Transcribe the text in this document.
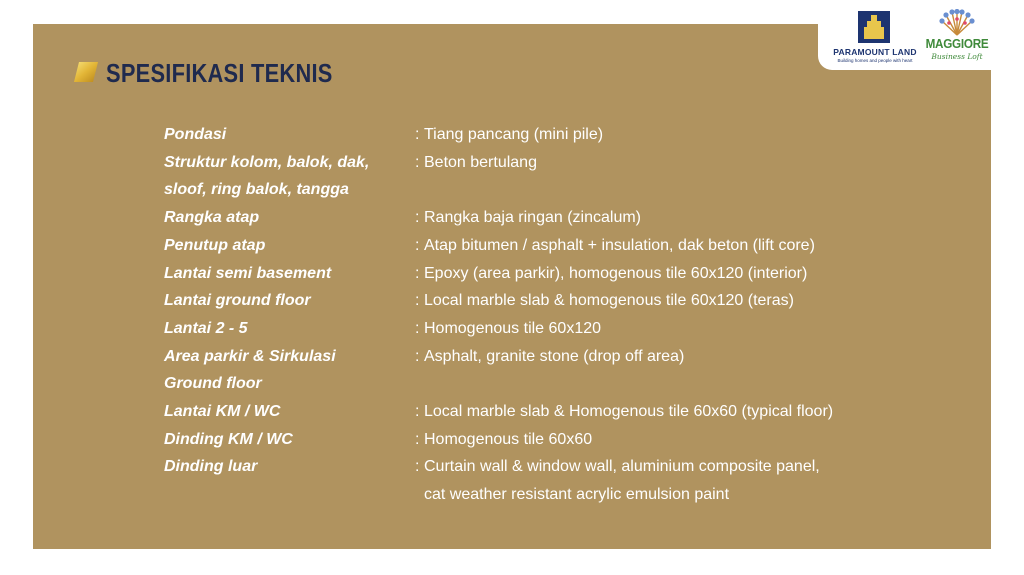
PARAMOUNT LAND
Building homes and people with heart
MAGGIORE
Business Loft
SPESIFIKASI TEKNIS
Pondasi	: Tiang pancang (mini pile)
Struktur kolom, balok, dak,	: Beton bertulang
sloof, ring balok, tangga
Rangka atap	: Rangka baja ringan (zincalum)
Penutup atap	: Atap bitumen / asphalt + insulation, dak beton (lift core)
Lantai semi basement	: Epoxy (area parkir), homogenous tile 60x120 (interior)
Lantai ground floor	: Local marble slab & homogenous tile 60x120 (teras)
Lantai 2 - 5	: Homogenous tile 60x120
Area parkir & Sirkulasi	: Asphalt, granite stone (drop off area)
Ground floor
Lantai KM / WC	: Local marble slab & Homogenous tile 60x60 (typical floor)
Dinding KM / WC	: Homogenous tile 60x60
Dinding luar	: Curtain wall & window wall, aluminium composite panel,
cat weather resistant acrylic emulsion paint
